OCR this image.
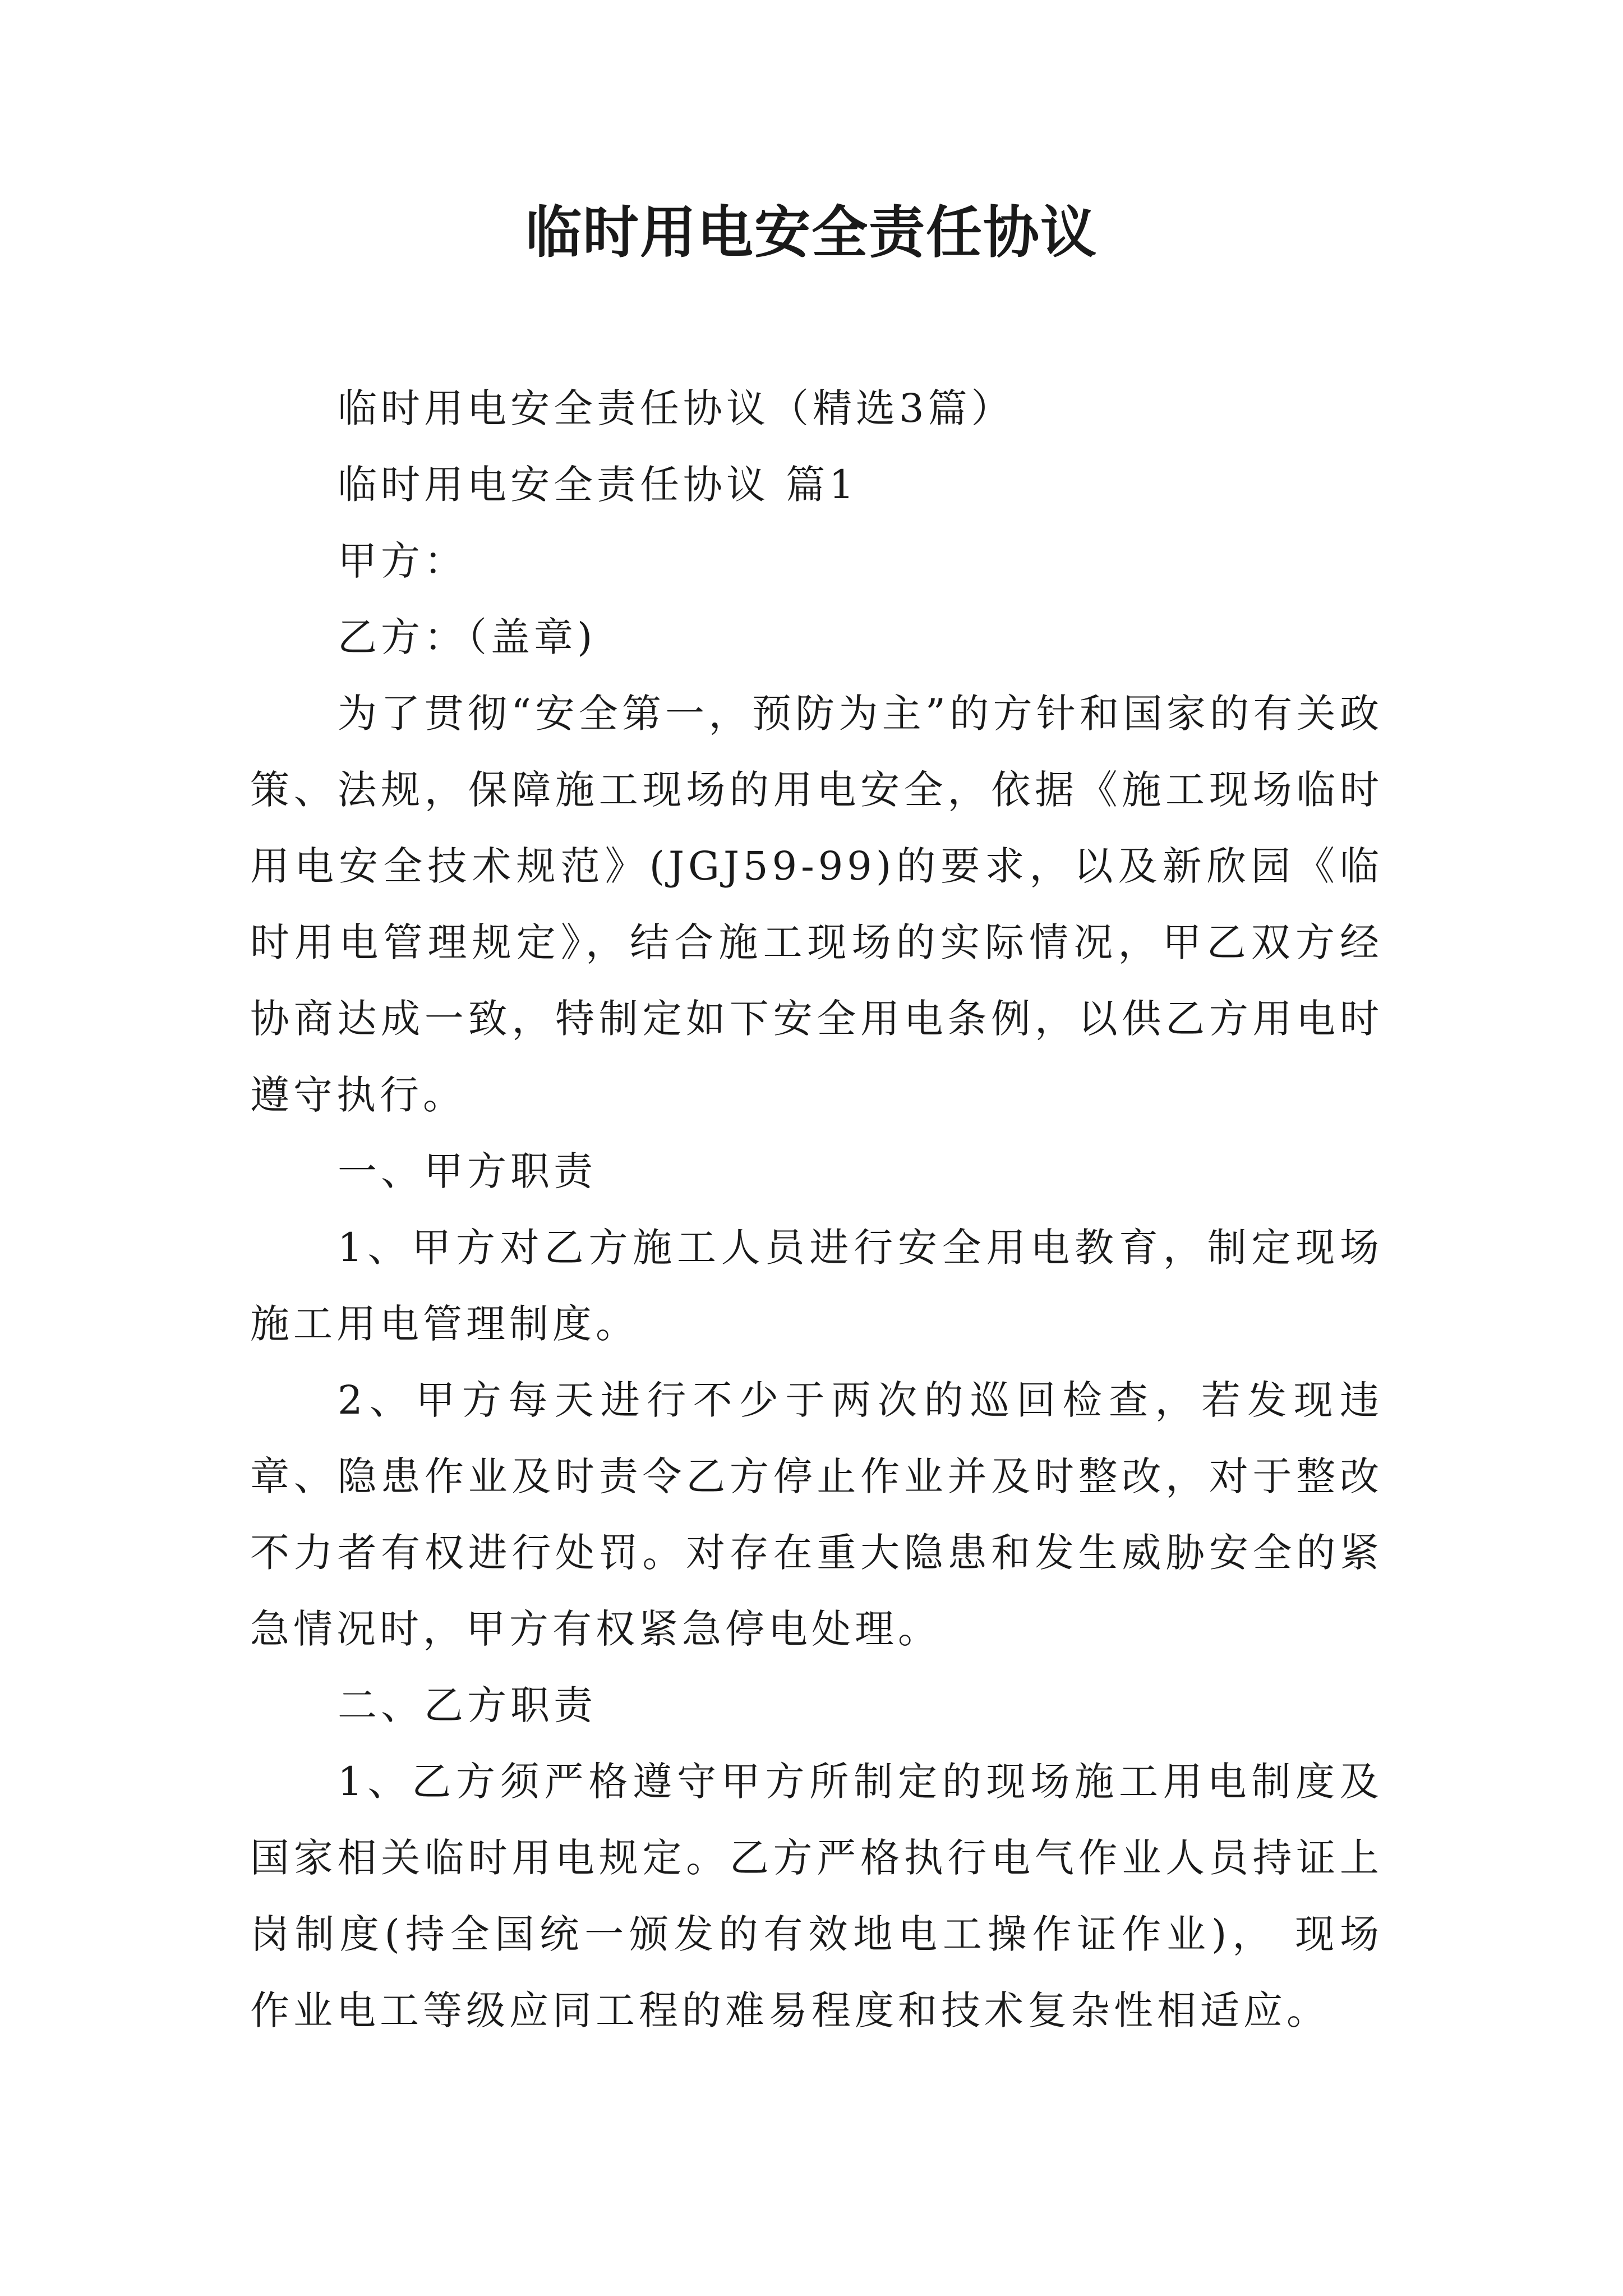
临时用电安全责任协议

临时用电安全责任协议（精选3篇）

临时用电安全责任协议 篇1

甲方：

乙方：（盖章)

为了贯彻“安全第一，预防为主”的方针和国家的有关政策、法规，保障施工现场的用电安全，依据《施工现场临时用电安全技术规范》(JGJ59-99)的要求，以及新欣园《临时用电管理规定》，结合施工现场的实际情况，甲乙双方经协商达成一致，特制定如下安全用电条例，以供乙方用电时遵守执行。

一、甲方职责

1、甲方对乙方施工人员进行安全用电教育，制定现场施工用电管理制度。

2、甲方每天进行不少于两次的巡回检查，若发现违章、隐患作业及时责令乙方停止作业并及时整改，对于整改不力者有权进行处罚。对存在重大隐患和发生威胁安全的紧急情况时，甲方有权紧急停电处理。

二、乙方职责

1、乙方须严格遵守甲方所制定的现场施工用电制度及国家相关临时用电规定。乙方严格执行电气作业人员持证上岗制度(持全国统一颁发的有效地电工操作证作业)， 现场作业电工等级应同工程的难易程度和技术复杂性相适应。
